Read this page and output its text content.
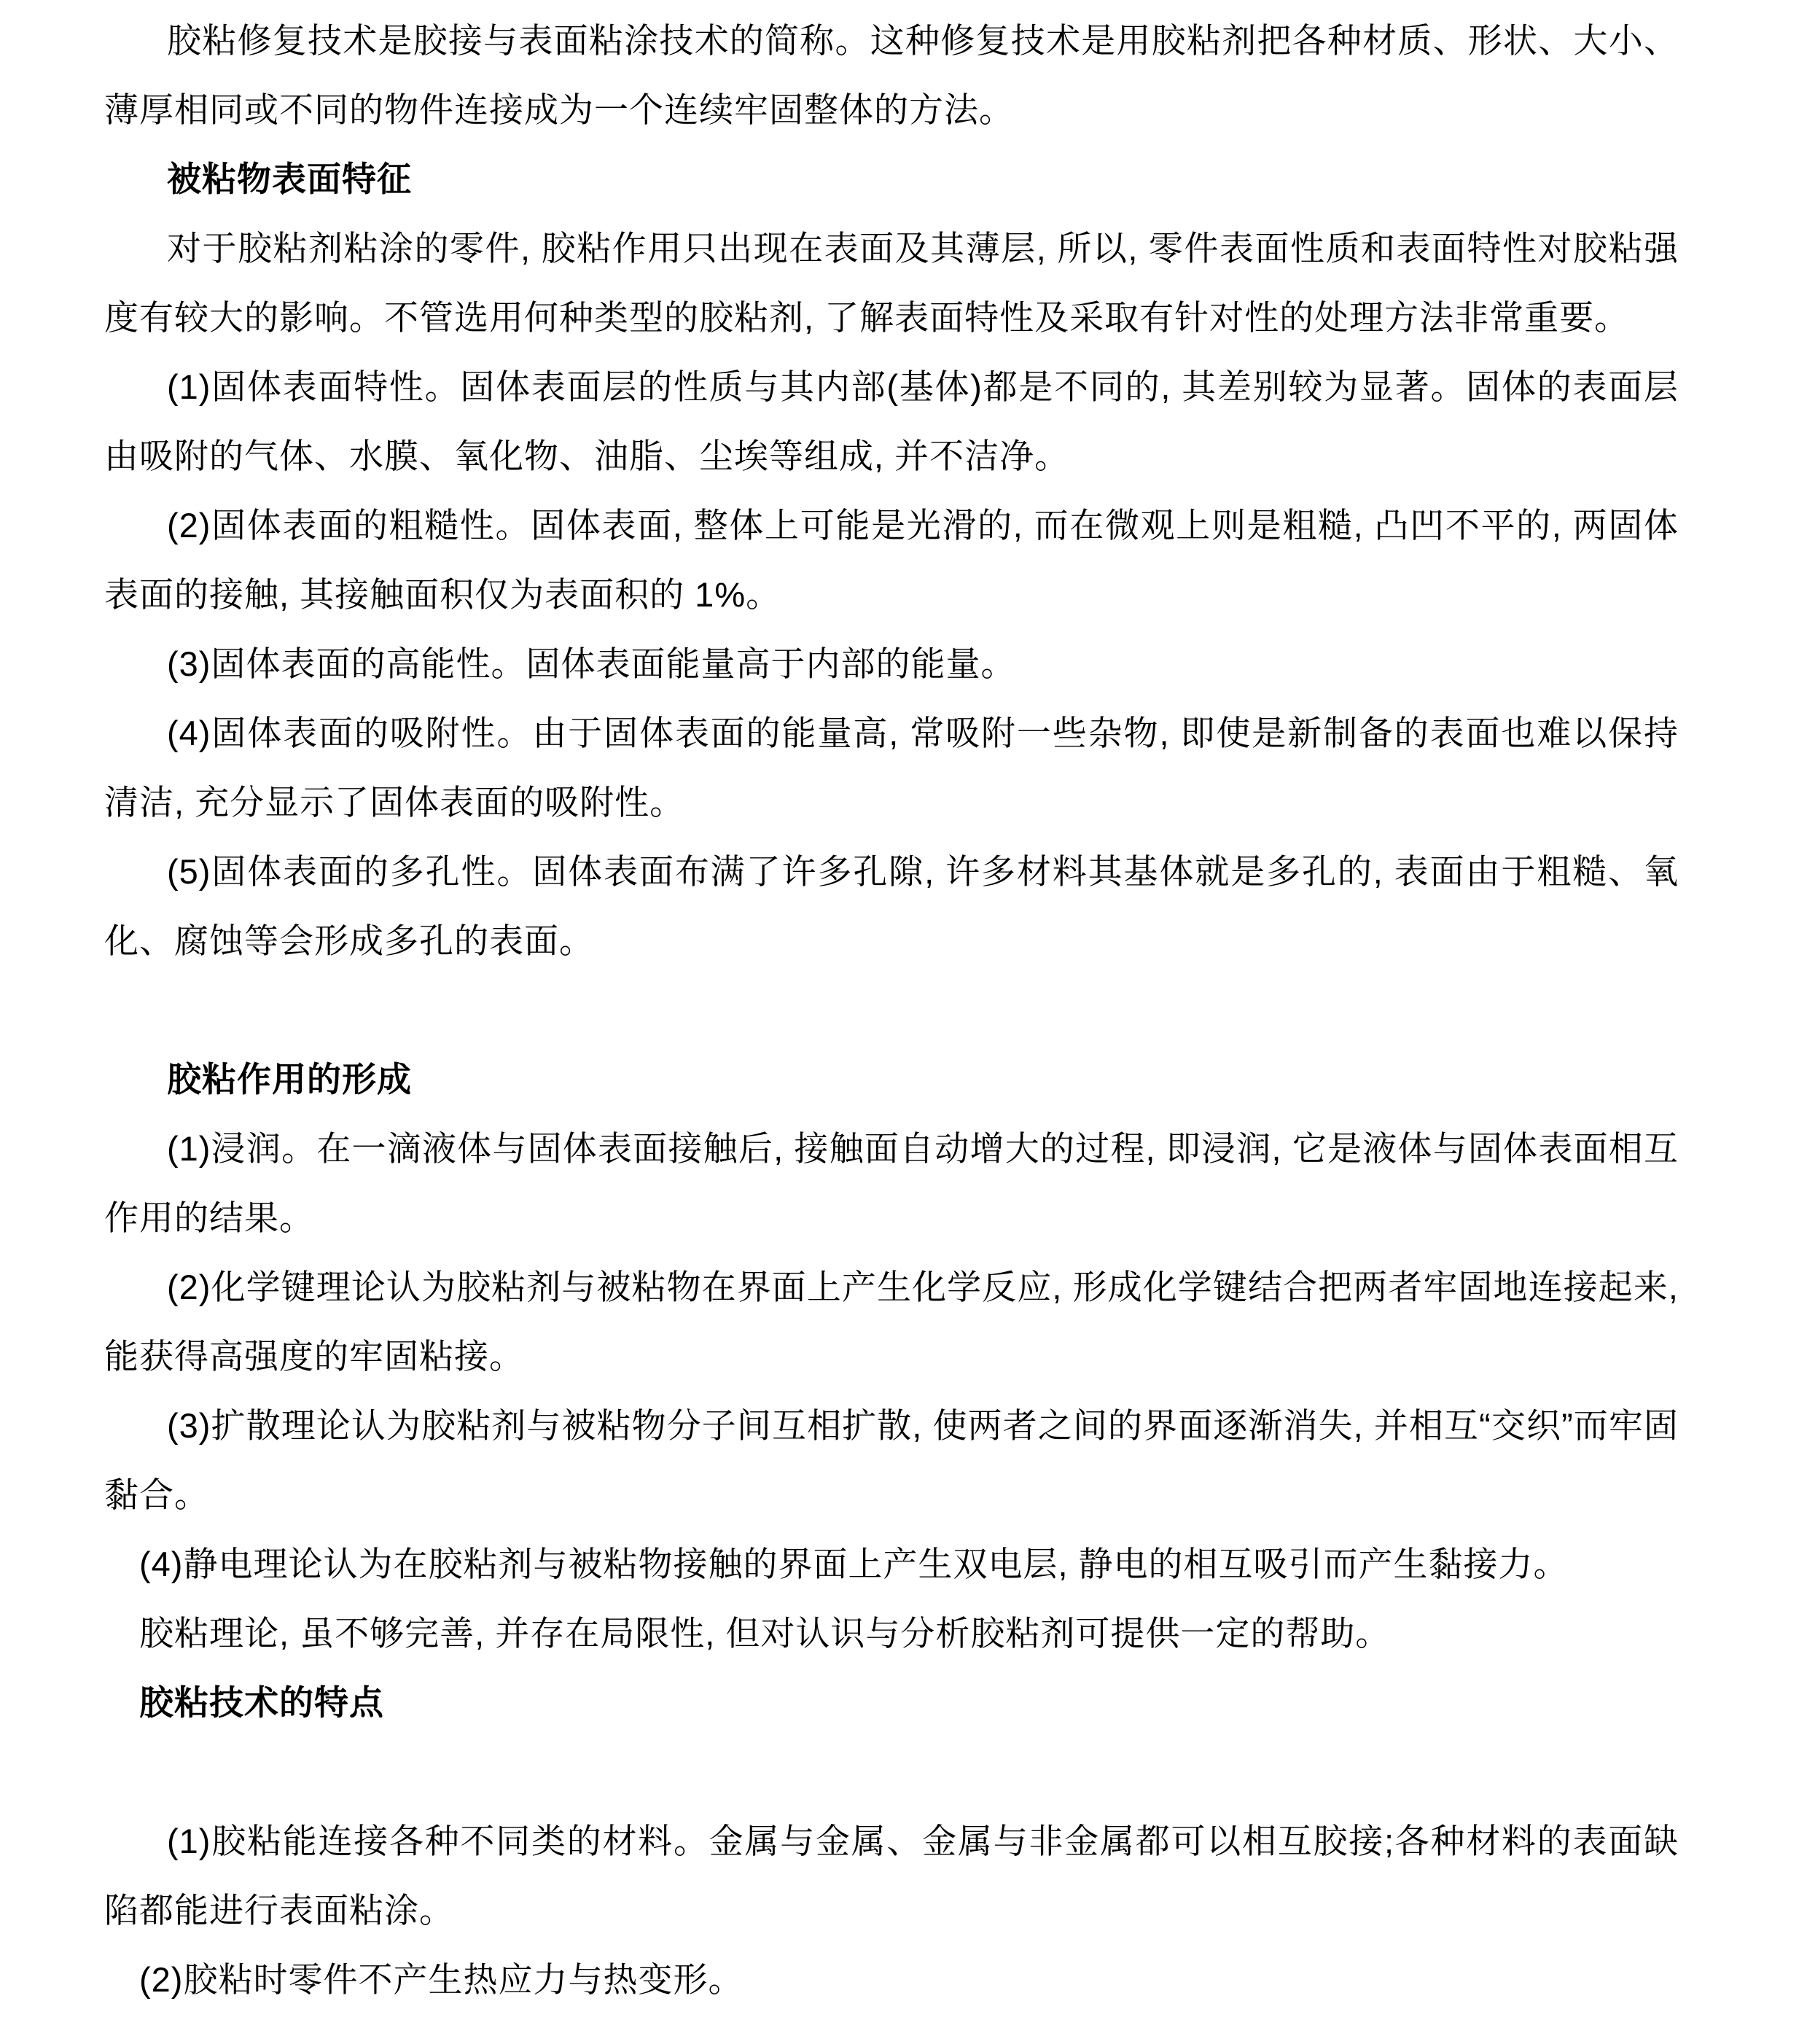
胶粘修复技术是胶接与表面粘涂技术的简称。这种修复技术是用胶粘剂把各种材质、形状、大小、薄厚相同或不同的物件连接成为一个连续牢固整体的方法。

被粘物表面特征

对于胶粘剂粘涂的零件, 胶粘作用只出现在表面及其薄层, 所以, 零件表面性质和表面特性对胶粘强度有较大的影响。不管选用何种类型的胶粘剂, 了解表面特性及采取有针对性的处理方法非常重要。

(1)固体表面特性。固体表面层的性质与其内部(基体)都是不同的, 其差别较为显著。固体的表面层由吸附的气体、水膜、氧化物、油脂、尘埃等组成, 并不洁净。

(2)固体表面的粗糙性。固体表面, 整体上可能是光滑的, 而在微观上则是粗糙, 凸凹不平的, 两固体表面的接触, 其接触面积仅为表面积的 1%。

(3)固体表面的高能性。固体表面能量高于内部的能量。

(4)固体表面的吸附性。由于固体表面的能量高, 常吸附一些杂物, 即使是新制备的表面也难以保持清洁, 充分显示了固体表面的吸附性。

(5)固体表面的多孔性。固体表面布满了许多孔隙, 许多材料其基体就是多孔的, 表面由于粗糙、氧化、腐蚀等会形成多孔的表面。

胶粘作用的形成

(1)浸润。在一滴液体与固体表面接触后, 接触面自动增大的过程, 即浸润, 它是液体与固体表面相互作用的结果。

(2)化学键理论认为胶粘剂与被粘物在界面上产生化学反应, 形成化学键结合把两者牢固地连接起来, 能获得高强度的牢固粘接。

(3)扩散理论认为胶粘剂与被粘物分子间互相扩散, 使两者之间的界面逐渐消失, 并相互“交织”而牢固黏合。

(4)静电理论认为在胶粘剂与被粘物接触的界面上产生双电层, 静电的相互吸引而产生黏接力。

胶粘理论, 虽不够完善, 并存在局限性, 但对认识与分析胶粘剂可提供一定的帮助。

胶粘技术的特点

(1)胶粘能连接各种不同类的材料。金属与金属、金属与非金属都可以相互胶接;各种材料的表面缺陷都能进行表面粘涂。

(2)胶粘时零件不产生热应力与热变形。
